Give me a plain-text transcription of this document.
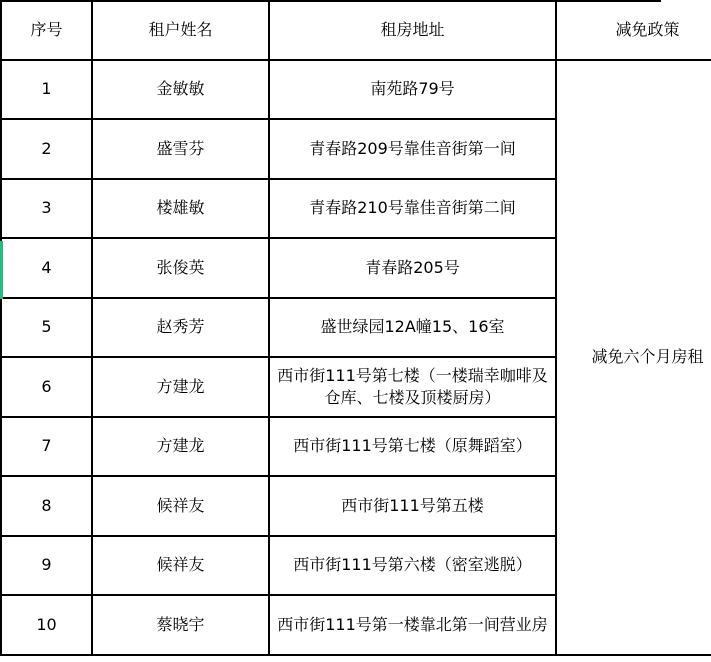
序号	租户姓名	租房地址	减免政策
1	金敏敏	南苑路79号	减免六个月房租
2	盛雪芬	青春路209号靠佳音街第一间	
3	楼雄敏	青春路210号靠佳音街第二间	
4	张俊英	青春路205号	
5	赵秀芳	盛世绿园12A幢15、16室	
6	方建龙	西市街111号第七楼（一楼瑞幸咖啡及仓库、七楼及顶楼厨房）	
7	方建龙	西市街111号第七楼（原舞蹈室）	
8	候祥友	西市街111号第五楼	
9	候祥友	西市街111号第六楼（密室逃脱）	
10	蔡晓宇	西市街111号第一楼靠北第一间营业房	
